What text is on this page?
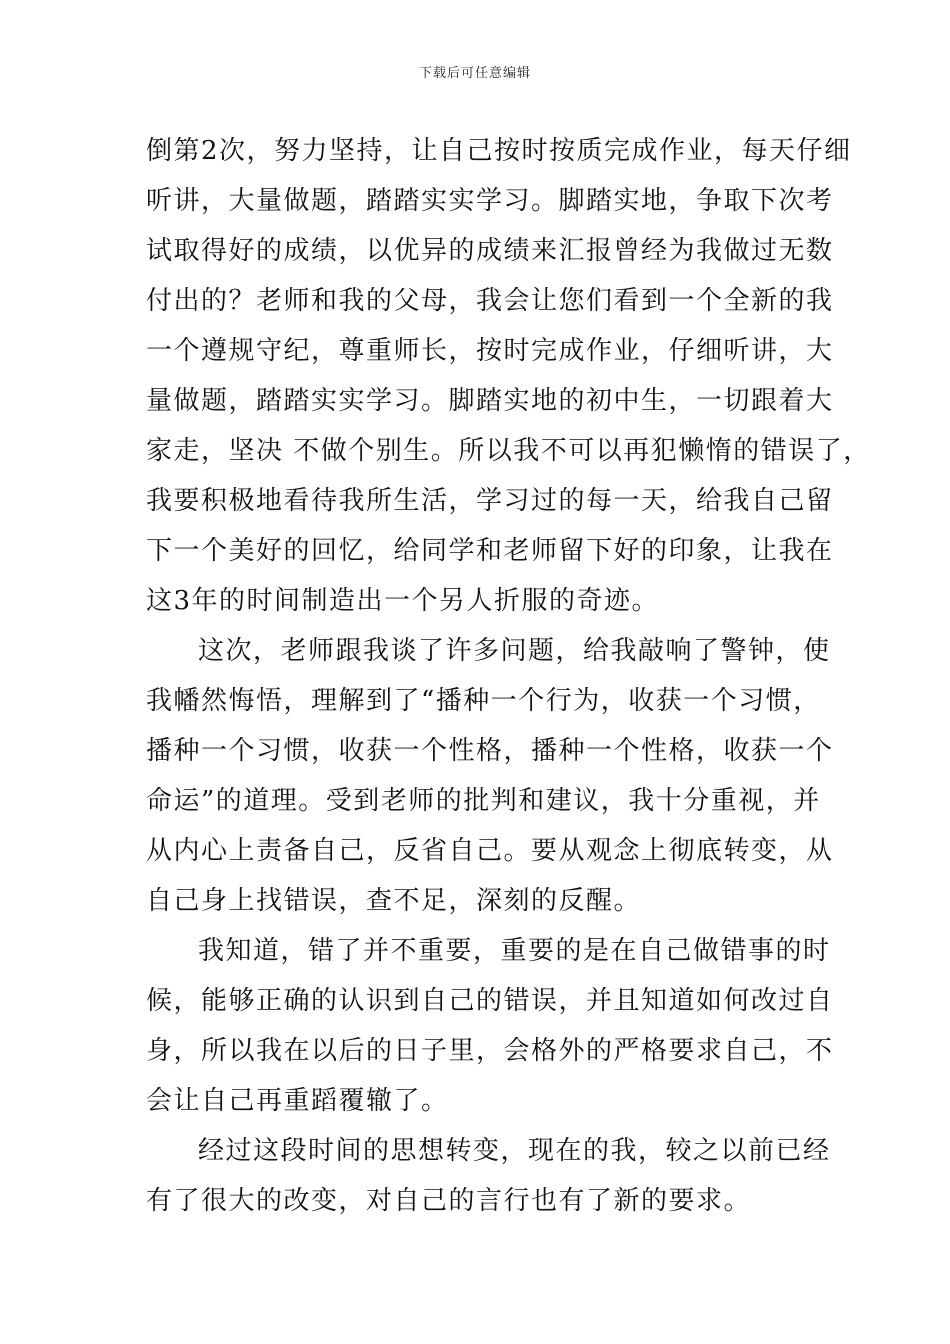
下载后可任意编辑
倒第2次，努力坚持，让自己按时按质完成作业，每天仔细
听讲，大量做题，踏踏实实学习。脚踏实地，争取下次考
试取得好的成绩，以优异的成绩来汇报曾经为我做过无数
付出的？老师和我的父母，我会让您们看到一个全新的我
一个遵规守纪，尊重师长，按时完成作业，仔细听讲，大
量做题，踏踏实实学习。脚踏实地的初中生，一切跟着大
家走，坚决 不做个别生。所以我不可以再犯懒惰的错误了，
我要积极地看待我所生活，学习过的每一天，给我自己留
下一个美好的回忆，给同学和老师留下好的印象，让我在
这3年的时间制造出一个另人折服的奇迹。
这次，老师跟我谈了许多问题，给我敲响了警钟，使
我幡然悔悟，理解到了“播种一个行为，收获一个习惯，
播种一个习惯，收获一个性格，播种一个性格，收获一个
命运”的道理。受到老师的批判和建议，我十分重视，并
从内心上责备自己，反省自己。要从观念上彻底转变，从
自己身上找错误，查不足，深刻的反醒。
我知道，错了并不重要，重要的是在自己做错事的时
候，能够正确的认识到自己的错误，并且知道如何改过自
身，所以我在以后的日子里，会格外的严格要求自己，不
会让自己再重蹈覆辙了。
经过这段时间的思想转变，现在的我，较之以前已经
有了很大的改变，对自己的言行也有了新的要求。
